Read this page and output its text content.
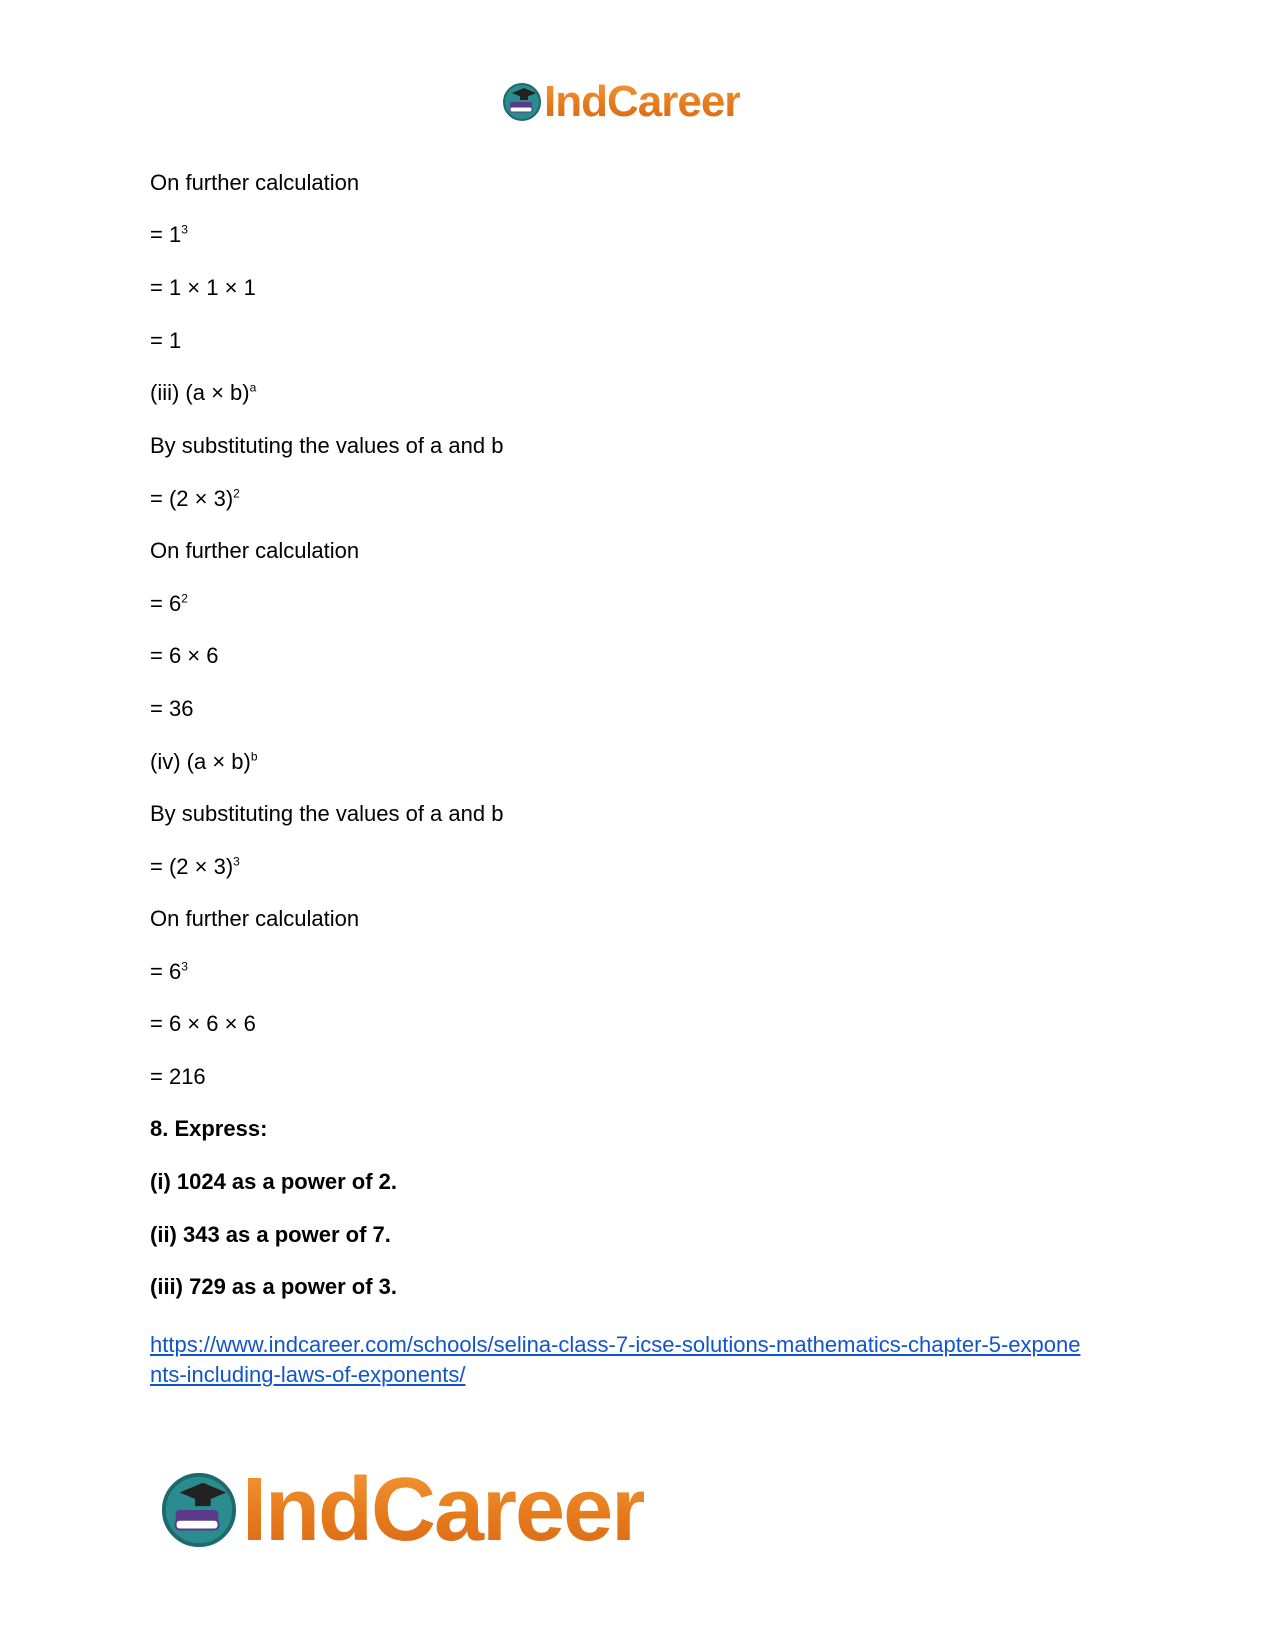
IndCareer
On further calculation
= $1^3$
= 1 × 1 × 1
= 1
(iii) $(a \times b)^a$
By substituting the values of a and b
= $(2 \times 3)^2$
On further calculation
= $6^2$
= 6 × 6
= 36
(iv) $(a \times b)^b$
By substituting the values of a and b
= $(2 \times 3)^3$
On further calculation
= $6^3$
= 6 × 6 × 6
= 216
8. Express:
(i) 1024 as a power of 2.
(ii) 343 as a power of 7.
(iii) 729 as a power of 3.
https://www.indcareer.com/schools/selina-class-7-icse-solutions-mathematics-chapter-5-expone
nts-including-laws-of-exponents/
IndCareer
